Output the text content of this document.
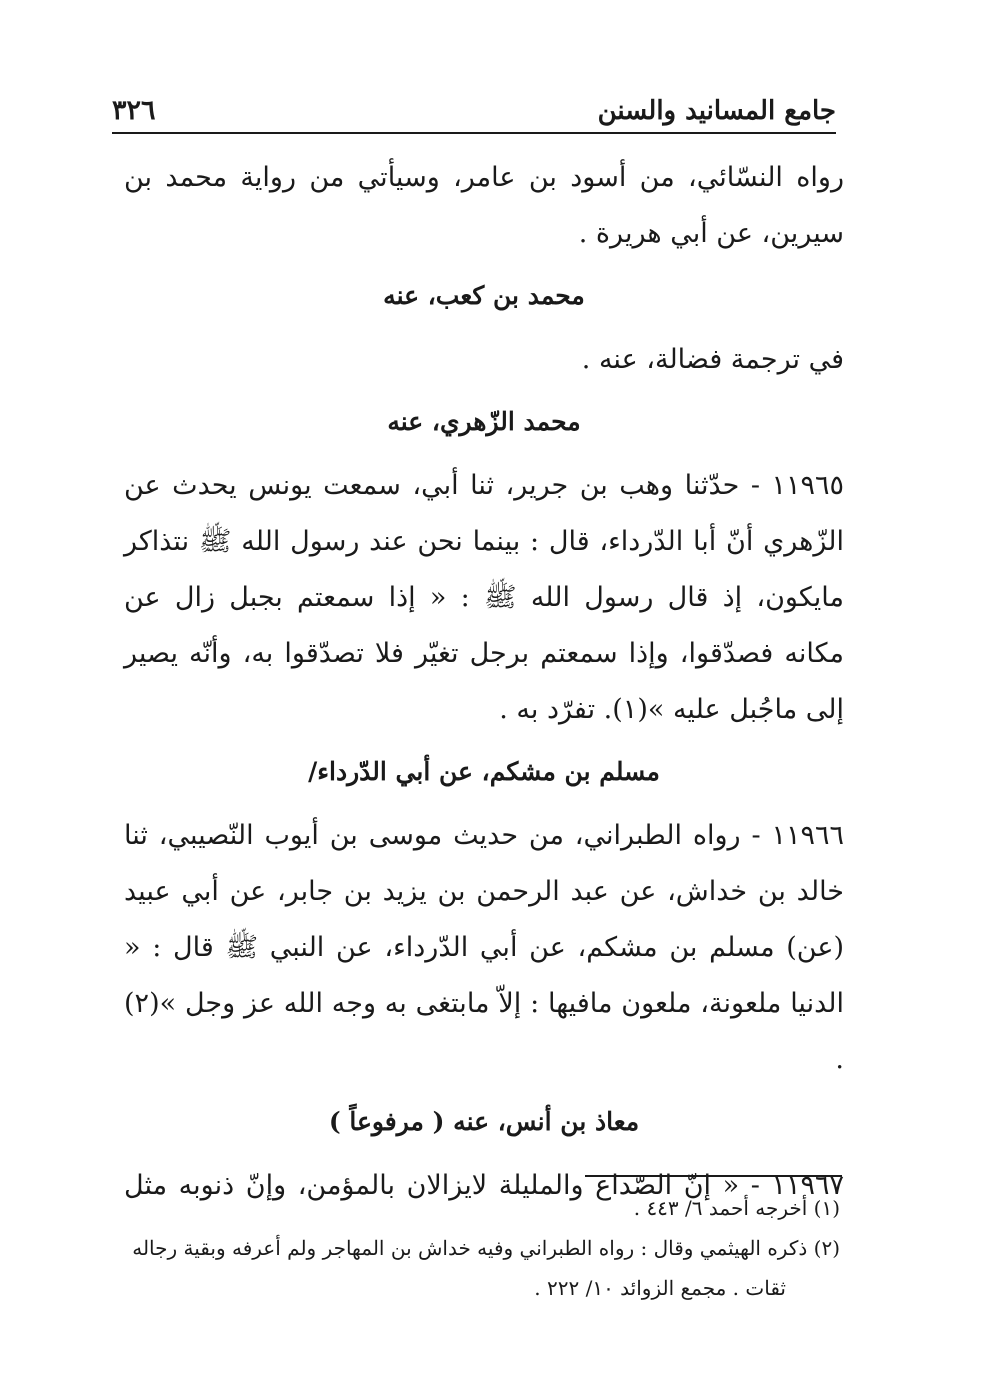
جامع المسانيد والسنن
٣٢٦

رواه النسّائي، من أسود بن عامر، وسيأتي من رواية محمد بن سيرين، عن أبي هريرة .

محمد بن كعب، عنه

في ترجمة فضالة، عنه .

محمد الزّهري، عنه

١١٩٦٥ - حدّثنا وهب بن جرير، ثنا أبي، سمعت يونس يحدث عن الزّهري أنّ أبا الدّرداء، قال : بينما نحن عند رسول الله ﷺ نتذاكر مايكون، إذ قال رسول الله ﷺ : « إذا سمعتم بجبل زال عن مكانه فصدّقوا، وإذا سمعتم برجل تغيّر فلا تصدّقوا به، وأنّه يصير إلى ماجُبل عليه »(١). تفرّد به .

مسلم بن مشكم، عن أبي الدّرداء/

١١٩٦٦ - رواه الطبراني، من حديث موسى بن أيوب النّصيبي، ثنا خالد بن خداش، عن عبد الرحمن بن يزيد بن جابر، عن أبي عبيد (عن) مسلم بن مشكم، عن أبي الدّرداء، عن النبي ﷺ قال : « الدنيا ملعونة، ملعون مافيها : إلاّ مابتغى به وجه الله عز وجل »(٢) .

معاذ بن أنس، عنه ( مرفوعاً )

١١٩٦٧ - « إنّ الصّداع والمليلة لايزالان بالمؤمن، وإنّ ذنوبه مثل

(١) أخرجه أحمد ٦/ ٤٤٣ .

(٢) ذكره الهيثمي وقال : رواه الطبراني وفيه خداش بن المهاجر ولم أعرفه وبقية رجاله

ثقات . مجمع الزوائد ١٠/ ٢٢٢ .
